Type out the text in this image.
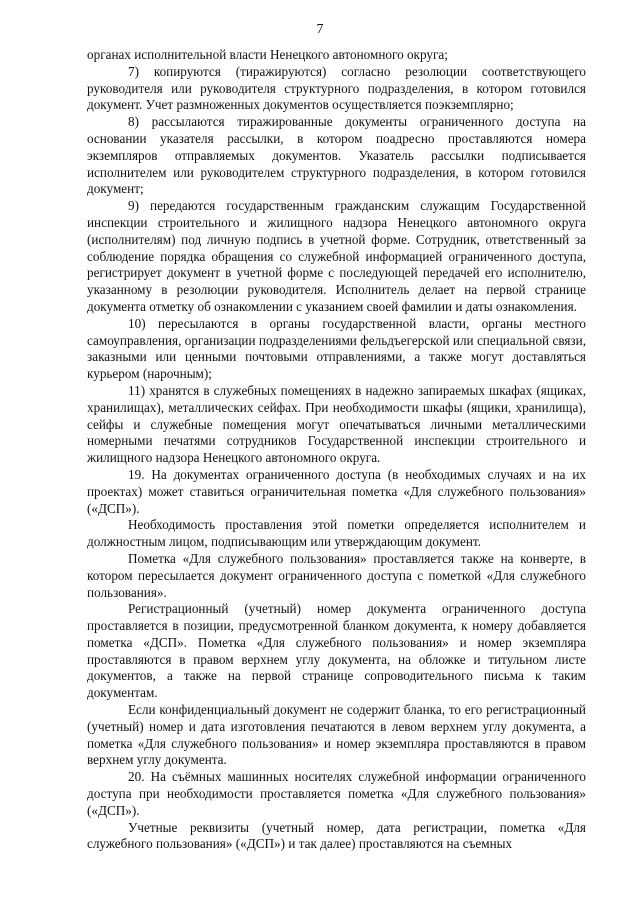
7

органах исполнительной власти Ненецкого автономного округа;

7) копируются (тиражируются) согласно резолюции соответствующего руководителя или руководителя структурного подразделения, в котором готовился документ. Учет размноженных документов осуществляется поэкземплярно;

8) рассылаются тиражированные документы ограниченного доступа на основании указателя рассылки, в котором поадресно проставляются номера экземпляров отправляемых документов. Указатель рассылки подписывается исполнителем или руководителем структурного подразделения, в котором готовился документ;

9) передаются государственным гражданским служащим Государственной инспекции строительного и жилищного надзора Ненецкого автономного округа (исполнителям) под личную подпись в учетной форме. Сотрудник, ответственный за соблюдение порядка обращения со служебной информацией ограниченного доступа, регистрирует документ в учетной форме с последующей передачей его исполнителю, указанному в резолюции руководителя. Исполнитель делает на первой странице документа отметку об ознакомлении с указанием своей фамилии и даты ознакомления.

10) пересылаются в органы государственной власти, органы местного самоуправления, организации подразделениями фельдъегерской или специальной связи, заказными или ценными почтовыми отправлениями, а также могут доставляться курьером (нарочным);

11) хранятся в служебных помещениях в надежно запираемых шкафах (ящиках, хранилищах), металлических сейфах. При необходимости шкафы (ящики, хранилища), сейфы и служебные помещения могут опечатываться личными металлическими номерными печатями сотрудников Государственной инспекции строительного и жилищного надзора Ненецкого автономного округа.

19. На документах ограниченного доступа (в необходимых случаях и на их проектах) может ставиться ограничительная пометка «Для служебного пользования» («ДСП»).

Необходимость проставления этой пометки определяется исполнителем и должностным лицом, подписывающим или утверждающим документ.

Пометка «Для служебного пользования» проставляется также на конверте, в котором пересылается документ ограниченного доступа с пометкой «Для служебного пользования».

Регистрационный (учетный) номер документа ограниченного доступа проставляется в позиции, предусмотренной бланком документа, к номеру добавляется пометка «ДСП». Пометка «Для служебного пользования» и номер экземпляра проставляются в правом верхнем углу документа, на обложке и титульном листе документов, а также на первой странице сопроводительного письма к таким документам.

Если конфиденциальный документ не содержит бланка, то его регистрационный (учетный) номер и дата изготовления печатаются в левом верхнем углу документа, а пометка «Для служебного пользования» и номер экземпляра проставляются в правом верхнем углу документа.

20. На съёмных машинных носителях служебной информации ограниченного доступа при необходимости проставляется пометка «Для служебного пользования» («ДСП»).

Учетные реквизиты (учетный номер, дата регистрации, пометка «Для служебного пользования» («ДСП») и так далее) проставляются на съемных
